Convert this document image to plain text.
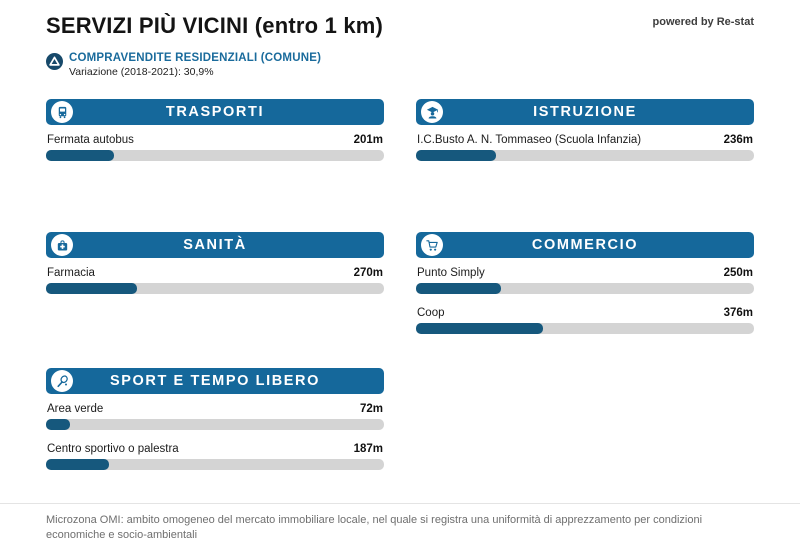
SERVIZI PIÙ VICINI (entro 1 km)	powered by Re-stat
COMPRAVENDITE RESIDENZIALI (COMUNE)
Variazione (2018-2021): 30,9%
TRASPORTI
Fermata autobus	201m
ISTRUZIONE
I.C.Busto A. N. Tommaseo (Scuola Infanzia)	236m
SANITÀ
Farmacia	270m
COMMERCIO
Punto Simply	250m
Coop	376m
SPORT E TEMPO LIBERO
Area verde	72m
Centro sportivo o palestra	187m
Microzona OMI: ambito omogeneo del mercato immobiliare locale, nel quale si registra una uniformità di apprezzamento per condizioni economiche e socio-ambientali
